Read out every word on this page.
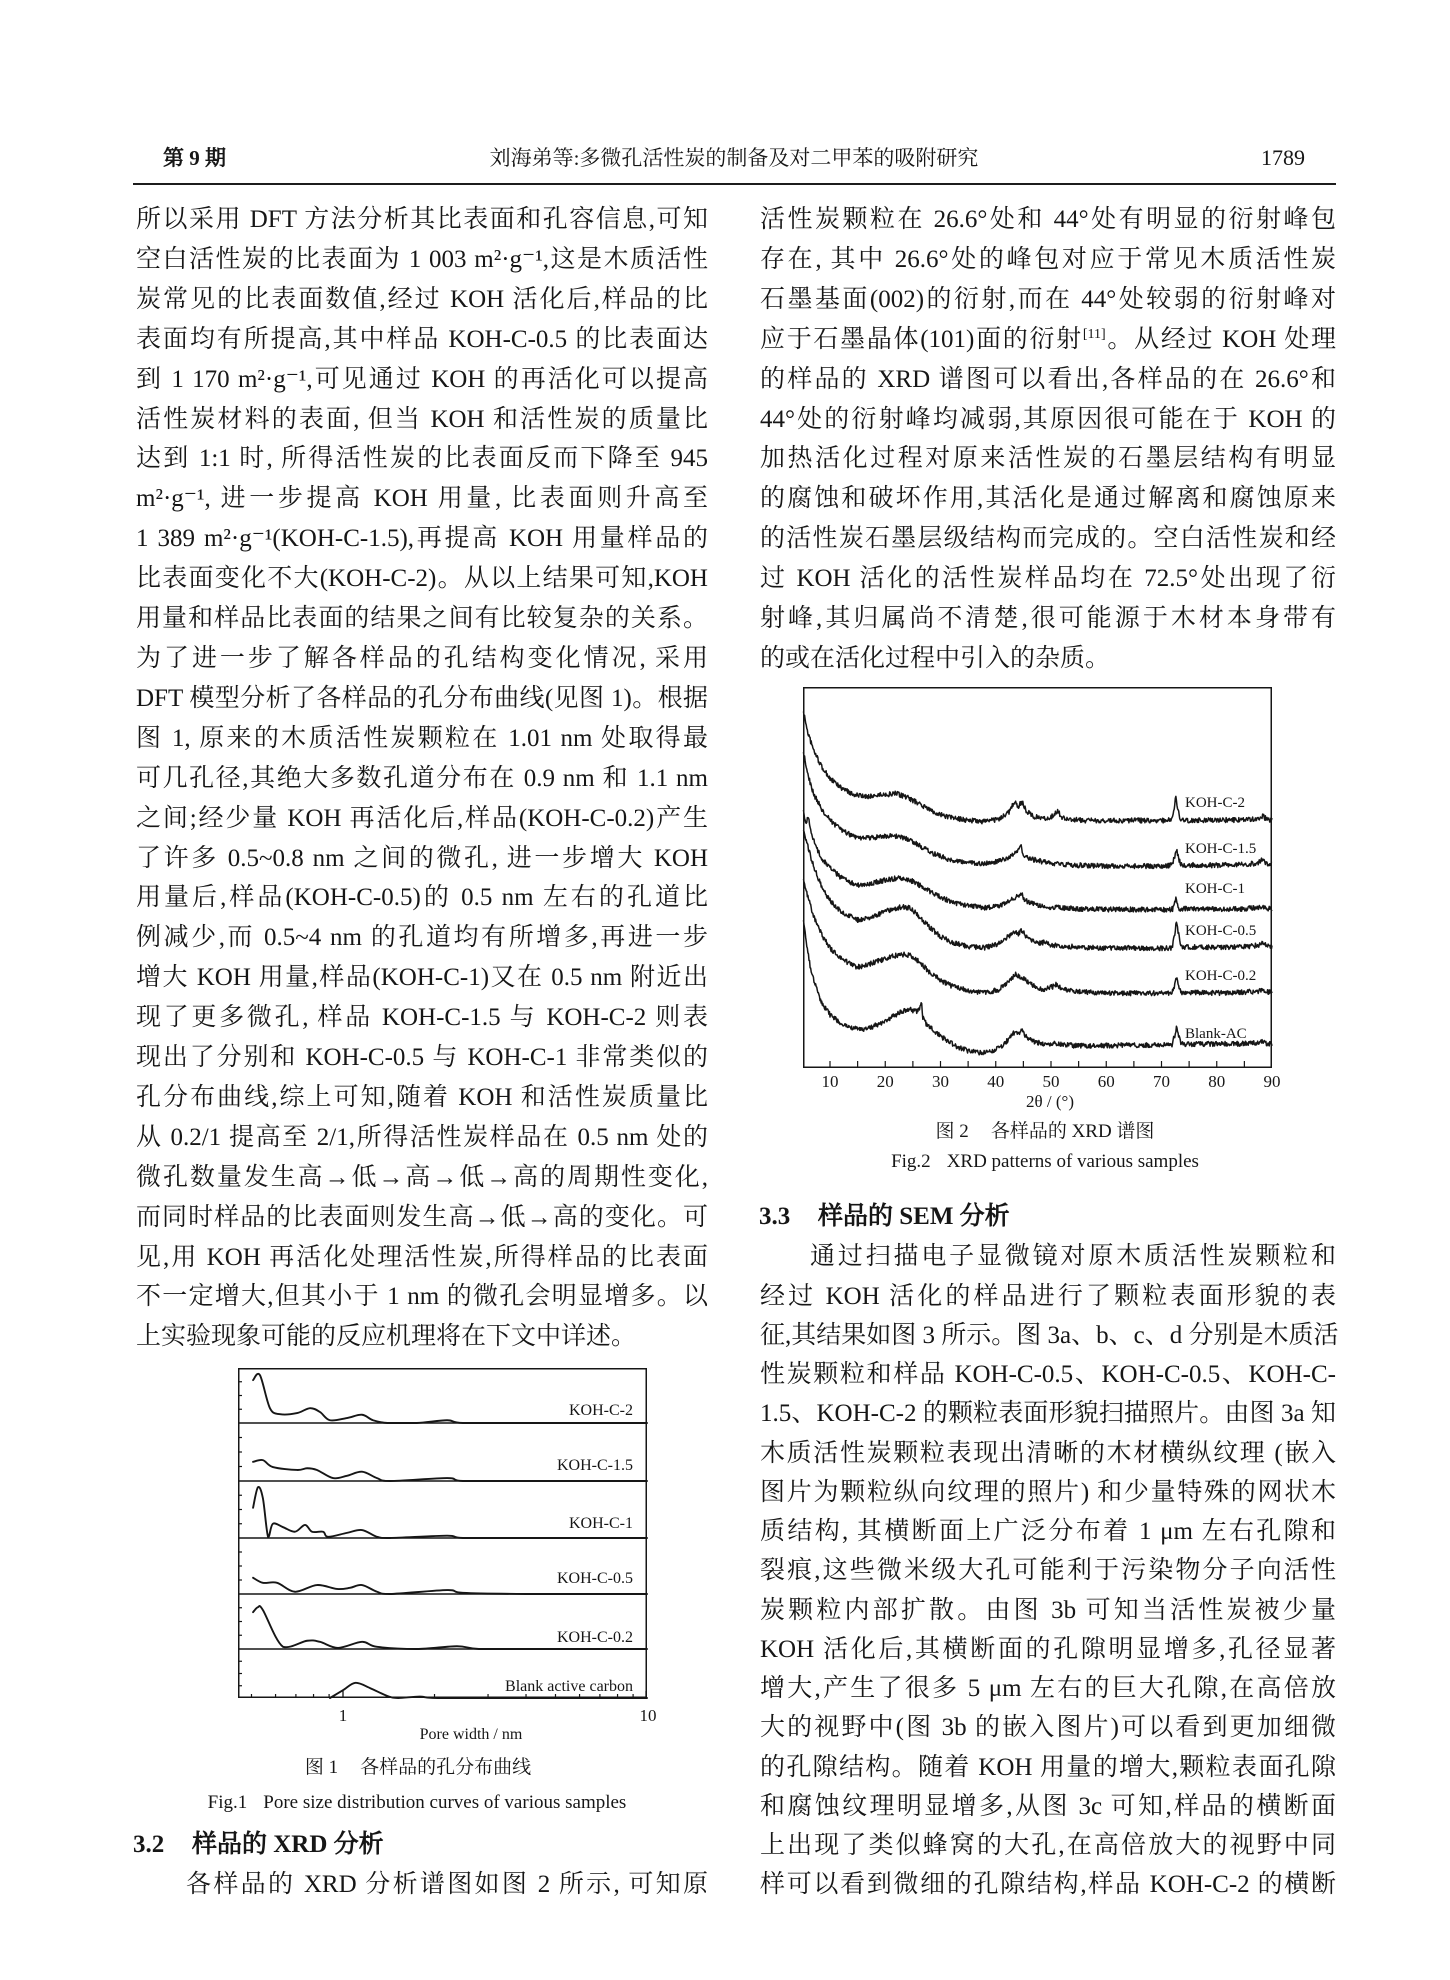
第 9 期	刘海弟等:多微孔活性炭的制备及对二甲苯的吸附研究	1789
所以采用 DFT 方法分析其比表面和孔容信息,可知
空白活性炭的比表面为 1 003 m²·g⁻¹,这是木质活性
炭常见的比表面数值,经过 KOH 活化后,样品的比
表面均有所提高,其中样品 KOH-C-0.5 的比表面达
到 1 170 m²·g⁻¹,可见通过 KOH 的再活化可以提高
活性炭材料的表面, 但当 KOH 和活性炭的质量比
达到 1:1 时, 所得活性炭的比表面反而下降至 945
m²·g⁻¹, 进一步提高 KOH 用量, 比表面则升高至
1 389 m²·g⁻¹(KOH-C-1.5),再提高 KOH 用量样品的
比表面变化不大(KOH-C-2)。从以上结果可知,KOH
用量和样品比表面的结果之间有比较复杂的关系。
为了进一步了解各样品的孔结构变化情况, 采用
DFT 模型分析了各样品的孔分布曲线(见图 1)。根据
图 1, 原来的木质活性炭颗粒在 1.01 nm 处取得最
可几孔径,其绝大多数孔道分布在 0.9 nm 和 1.1 nm
之间;经少量 KOH 再活化后,样品(KOH-C-0.2)产生
了许多 0.5~0.8 nm 之间的微孔, 进一步增大 KOH
用量后,样品(KOH-C-0.5)的 0.5 nm 左右的孔道比
例减少,而 0.5~4 nm 的孔道均有所增多,再进一步
增大 KOH 用量,样品(KOH-C-1)又在 0.5 nm 附近出
现了更多微孔, 样品 KOH-C-1.5 与 KOH-C-2 则表
现出了分别和 KOH-C-0.5 与 KOH-C-1 非常类似的
孔分布曲线,综上可知,随着 KOH 和活性炭质量比
从 0.2/1 提高至 2/1,所得活性炭样品在 0.5 nm 处的
微孔数量发生高→低→高→低→高的周期性变化,
而同时样品的比表面则发生高→低→高的变化。可
见,用 KOH 再活化处理活性炭,所得样品的比表面
不一定增大,但其小于 1 nm 的微孔会明显增多。以
上实验现象可能的反应机理将在下文中详述。
KOH-C-2
KOH-C-1.5
KOH-C-1
KOH-C-0.5
KOH-C-0.2
Blank active carbon
1	10
Pore width / nm
图 1 各样品的孔分布曲线
Fig.1 Pore size distribution curves of various samples
3.2 样品的 XRD 分析
各样品的 XRD 分析谱图如图 2 所示, 可知原
活性炭颗粒在 26.6°处和 44°处有明显的衍射峰包
存在, 其中 26.6°处的峰包对应于常见木质活性炭
石墨基面(002)的衍射,而在 44°处较弱的衍射峰对
应于石墨晶体(101)面的衍射[11]。从经过 KOH 处理
的样品的 XRD 谱图可以看出,各样品的在 26.6°和
44°处的衍射峰均减弱,其原因很可能在于 KOH 的
加热活化过程对原来活性炭的石墨层结构有明显
的腐蚀和破坏作用,其活化是通过解离和腐蚀原来
的活性炭石墨层级结构而完成的。空白活性炭和经
过 KOH 活化的活性炭样品均在 72.5°处出现了衍
射峰,其归属尚不清楚,很可能源于木材本身带有
的或在活化过程中引入的杂质。
KOH-C-2
KOH-C-1.5
KOH-C-1
KOH-C-0.5
KOH-C-0.2
Blank-AC
10	20	30	40	50	60	70	80	90
2θ / (°)
图 2 各样品的 XRD 谱图
Fig.2 XRD patterns of various samples
3.3 样品的 SEM 分析
通过扫描电子显微镜对原木质活性炭颗粒和
经过 KOH 活化的样品进行了颗粒表面形貌的表
征,其结果如图 3 所示。图 3a、b、c、d 分别是木质活
性炭颗粒和样品 KOH-C-0.5、KOH-C-0.5、KOH-C-
1.5、KOH-C-2 的颗粒表面形貌扫描照片。由图 3a 知
木质活性炭颗粒表现出清晰的木材横纵纹理 (嵌入
图片为颗粒纵向纹理的照片) 和少量特殊的网状木
质结构, 其横断面上广泛分布着 1 μm 左右孔隙和
裂痕,这些微米级大孔可能利于污染物分子向活性
炭颗粒内部扩散。由图 3b 可知当活性炭被少量
KOH 活化后,其横断面的孔隙明显增多,孔径显著
增大,产生了很多 5 μm 左右的巨大孔隙,在高倍放
大的视野中(图 3b 的嵌入图片)可以看到更加细微
的孔隙结构。随着 KOH 用量的增大,颗粒表面孔隙
和腐蚀纹理明显增多,从图 3c 可知,样品的横断面
上出现了类似蜂窝的大孔,在高倍放大的视野中同
样可以看到微细的孔隙结构,样品 KOH-C-2 的横断
